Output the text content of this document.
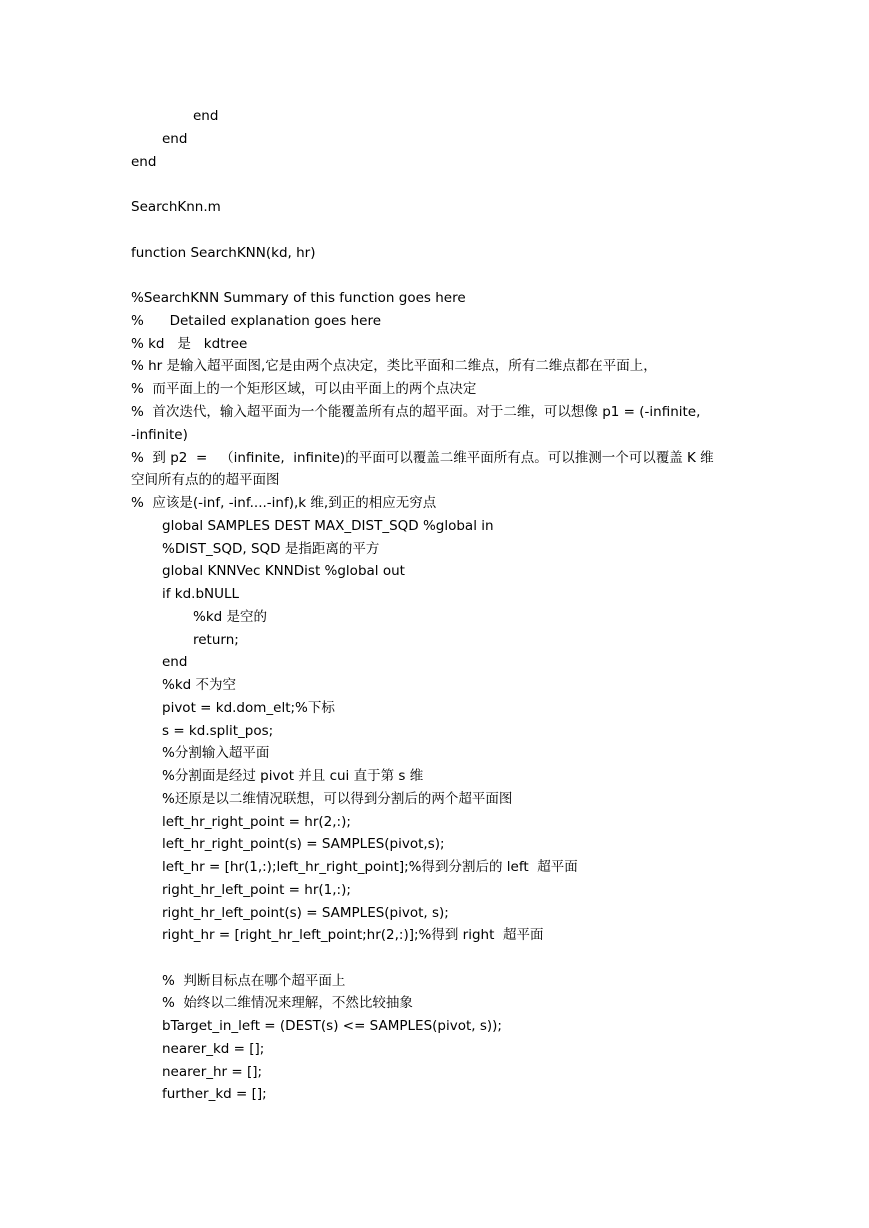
end
end
end
SearchKnn.m
function SearchKNN(kd, hr)
%SearchKNN Summary of this function goes here
%      Detailed explanation goes here
% kd   是   kdtree
% hr 是输入超平面图,它是由两个点决定，类比平面和二维点，所有二维点都在平面上，
%  而平面上的一个矩形区域，可以由平面上的两个点决定
%  首次迭代，输入超平面为一个能覆盖所有点的超平面。对于二维，可以想像 p1 = (-infinite,
-infinite)
%  到 p2  =   （infinite,  infinite)的平面可以覆盖二维平面所有点。可以推测一个可以覆盖 K 维
空间所有点的的超平面图
%  应该是(-inf, -inf....-inf),k 维,到正的相应无穷点
global SAMPLES DEST MAX_DIST_SQD %global in
%DIST_SQD, SQD 是指距离的平方
global KNNVec KNNDist %global out
if kd.bNULL
%kd 是空的
return;
end
%kd 不为空
pivot = kd.dom_elt;%下标
s = kd.split_pos;
%分割输入超平面
%分割面是经过 pivot 并且 cui 直于第 s 维
%还原是以二维情况联想，可以得到分割后的两个超平面图
left_hr_right_point = hr(2,:);
left_hr_right_point(s) = SAMPLES(pivot,s);
left_hr = [hr(1,:);left_hr_right_point];%得到分割后的 left  超平面
right_hr_left_point = hr(1,:);
right_hr_left_point(s) = SAMPLES(pivot, s);
right_hr = [right_hr_left_point;hr(2,:)];%得到 right  超平面
%  判断目标点在哪个超平面上
%  始终以二维情况来理解，不然比较抽象
bTarget_in_left = (DEST(s) <= SAMPLES(pivot, s));
nearer_kd = [];
nearer_hr = [];
further_kd = [];
